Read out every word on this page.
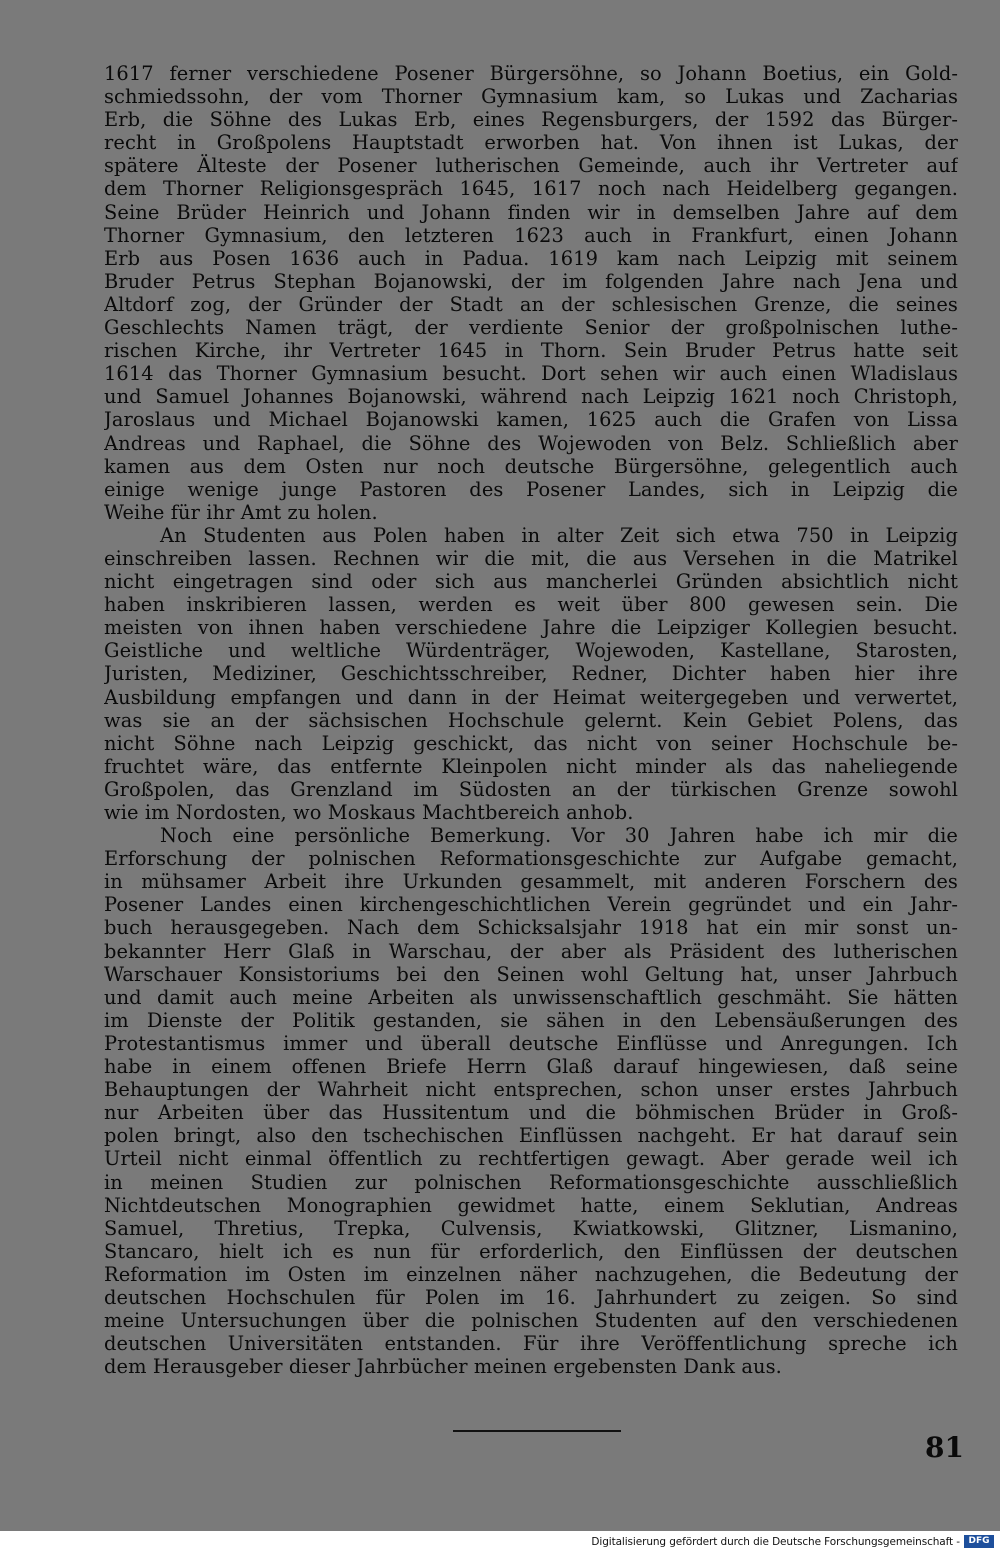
1617 ferner verschiedene Posener Bürgersöhne, so Johann Boetius, ein Gold-
schmiedssohn, der vom Thorner Gymnasium kam, so Lukas und Zacharias
Erb, die Söhne des Lukas Erb, eines Regensburgers, der 1592 das Bürger-
recht in Großpolens Hauptstadt erworben hat. Von ihnen ist Lukas, der
spätere Älteste der Posener lutherischen Gemeinde, auch ihr Vertreter auf
dem Thorner Religionsgespräch 1645, 1617 noch nach Heidelberg gegangen.
Seine Brüder Heinrich und Johann finden wir in demselben Jahre auf dem
Thorner Gymnasium, den letzteren 1623 auch in Frankfurt, einen Johann
Erb aus Posen 1636 auch in Padua. 1619 kam nach Leipzig mit seinem
Bruder Petrus Stephan Bojanowski, der im folgenden Jahre nach Jena und
Altdorf zog, der Gründer der Stadt an der schlesischen Grenze, die seines
Geschlechts Namen trägt, der verdiente Senior der großpolnischen luthe-
rischen Kirche, ihr Vertreter 1645 in Thorn. Sein Bruder Petrus hatte seit
1614 das Thorner Gymnasium besucht. Dort sehen wir auch einen Wladislaus
und Samuel Johannes Bojanowski, während nach Leipzig 1621 noch Christoph,
Jaroslaus und Michael Bojanowski kamen, 1625 auch die Grafen von Lissa
Andreas und Raphael, die Söhne des Wojewoden von Belz. Schließlich aber
kamen aus dem Osten nur noch deutsche Bürgersöhne, gelegentlich auch
einige wenige junge Pastoren des Posener Landes, sich in Leipzig die
Weihe für ihr Amt zu holen.
An Studenten aus Polen haben in alter Zeit sich etwa 750 in Leipzig
einschreiben lassen. Rechnen wir die mit, die aus Versehen in die Matrikel
nicht eingetragen sind oder sich aus mancherlei Gründen absichtlich nicht
haben inskribieren lassen, werden es weit über 800 gewesen sein. Die
meisten von ihnen haben verschiedene Jahre die Leipziger Kollegien besucht.
Geistliche und weltliche Würdenträger, Wojewoden, Kastellane, Starosten,
Juristen, Mediziner, Geschichtsschreiber, Redner, Dichter haben hier ihre
Ausbildung empfangen und dann in der Heimat weitergegeben und verwertet,
was sie an der sächsischen Hochschule gelernt. Kein Gebiet Polens, das
nicht Söhne nach Leipzig geschickt, das nicht von seiner Hochschule be-
fruchtet wäre, das entfernte Kleinpolen nicht minder als das naheliegende
Großpolen, das Grenzland im Südosten an der türkischen Grenze sowohl
wie im Nordosten, wo Moskaus Machtbereich anhob.
Noch eine persönliche Bemerkung. Vor 30 Jahren habe ich mir die
Erforschung der polnischen Reformationsgeschichte zur Aufgabe gemacht,
in mühsamer Arbeit ihre Urkunden gesammelt, mit anderen Forschern des
Posener Landes einen kirchengeschichtlichen Verein gegründet und ein Jahr-
buch herausgegeben. Nach dem Schicksalsjahr 1918 hat ein mir sonst un-
bekannter Herr Glaß in Warschau, der aber als Präsident des lutherischen
Warschauer Konsistoriums bei den Seinen wohl Geltung hat, unser Jahrbuch
und damit auch meine Arbeiten als unwissenschaftlich geschmäht. Sie hätten
im Dienste der Politik gestanden, sie sähen in den Lebensäußerungen des
Protestantismus immer und überall deutsche Einflüsse und Anregungen. Ich
habe in einem offenen Briefe Herrn Glaß darauf hingewiesen, daß seine
Behauptungen der Wahrheit nicht entsprechen, schon unser erstes Jahrbuch
nur Arbeiten über das Hussitentum und die böhmischen Brüder in Groß-
polen bringt, also den tschechischen Einflüssen nachgeht. Er hat darauf sein
Urteil nicht einmal öffentlich zu rechtfertigen gewagt. Aber gerade weil ich
in meinen Studien zur polnischen Reformationsgeschichte ausschließlich
Nichtdeutschen Monographien gewidmet hatte, einem Seklutian, Andreas
Samuel, Thretius, Trepka, Culvensis, Kwiatkowski, Glitzner, Lismanino,
Stancaro, hielt ich es nun für erforderlich, den Einflüssen der deutschen
Reformation im Osten im einzelnen näher nachzugehen, die Bedeutung der
deutschen Hochschulen für Polen im 16. Jahrhundert zu zeigen. So sind
meine Untersuchungen über die polnischen Studenten auf den verschiedenen
deutschen Universitäten entstanden. Für ihre Veröffentlichung spreche ich
dem Herausgeber dieser Jahrbücher meinen ergebensten Dank aus.
81
Digitalisierung gefördert durch die Deutsche Forschungsgemeinschaft - DFG
